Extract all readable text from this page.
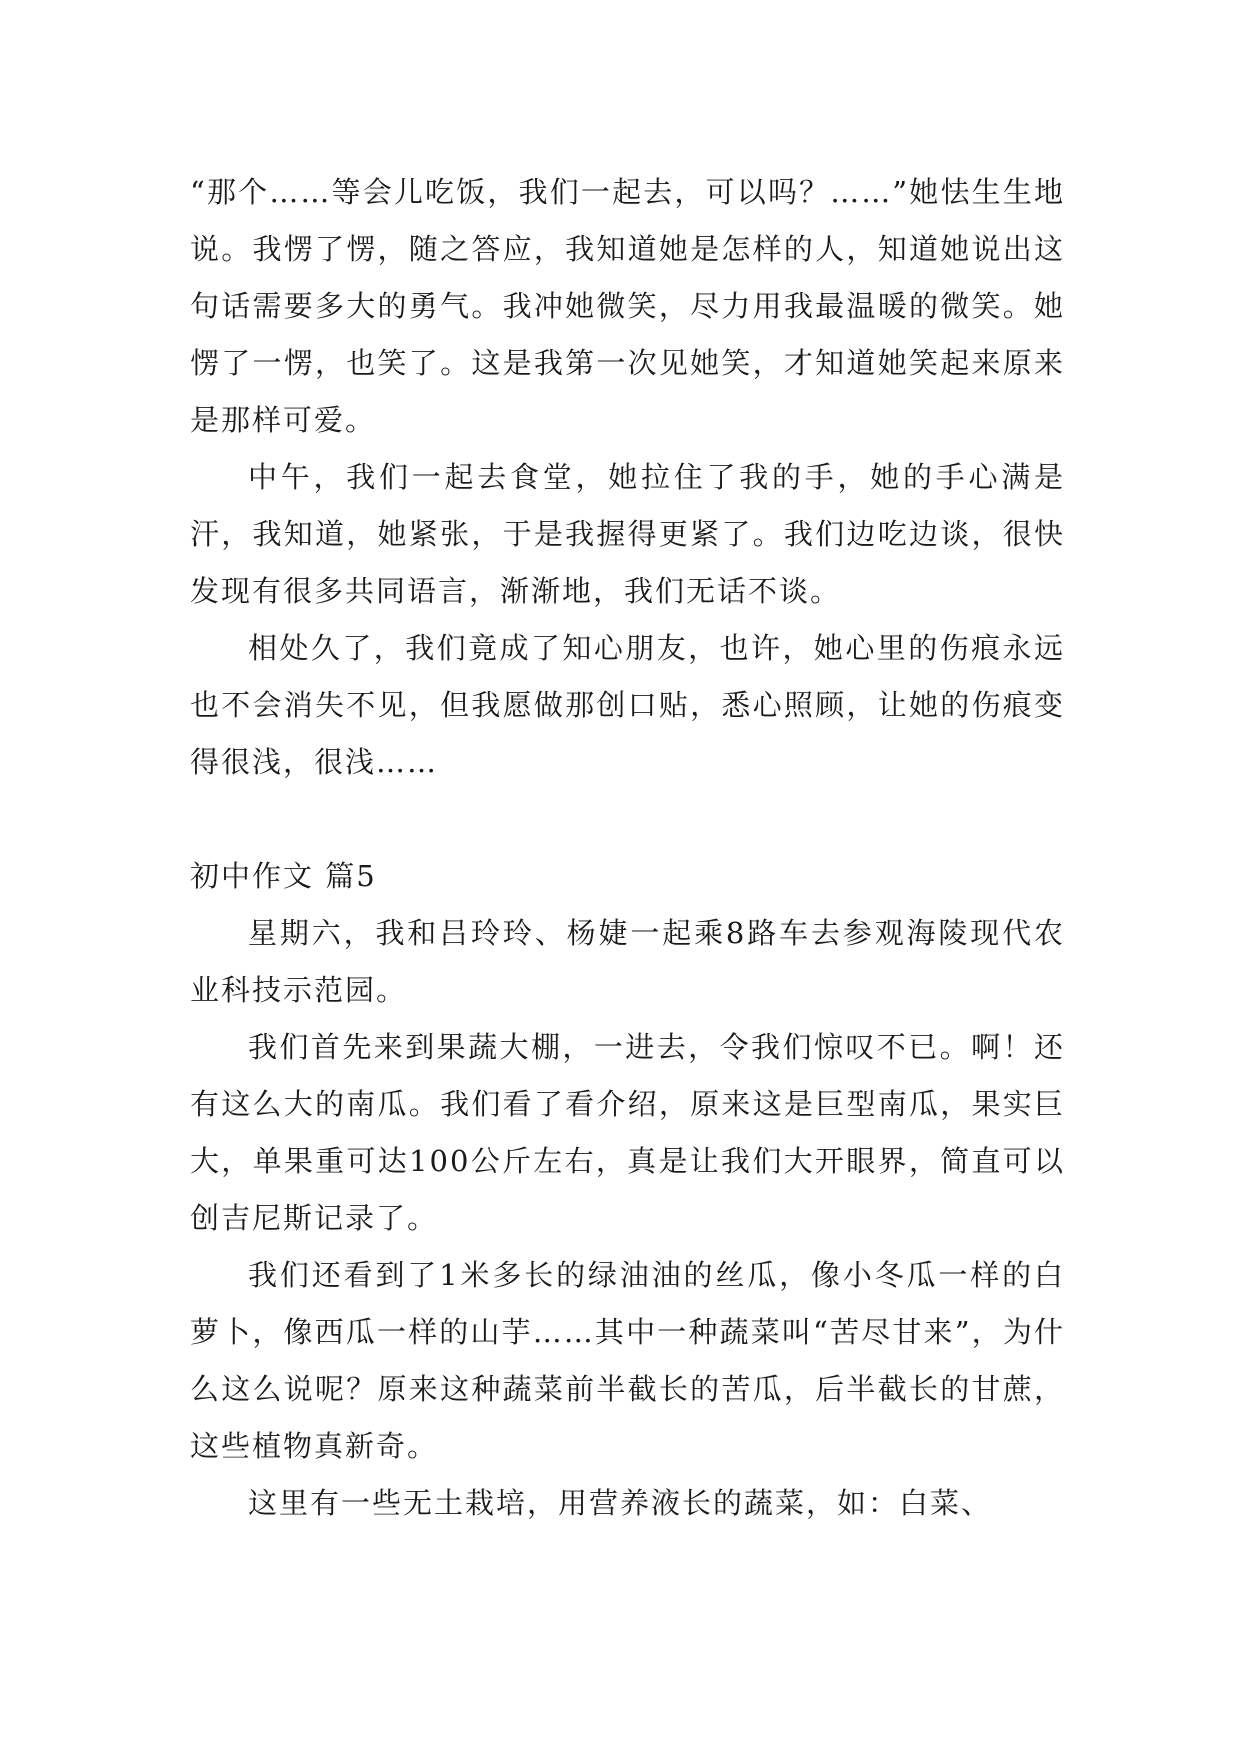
“那个……等会儿吃饭，我们一起去，可以吗？……”她怯生生地说。我愣了愣，随之答应，我知道她是怎样的人，知道她说出这句话需要多大的勇气。我冲她微笑，尽力用我最温暖的微笑。她愣了一愣，也笑了。这是我第一次见她笑，才知道她笑起来原来是那样可爱。

中午，我们一起去食堂，她拉住了我的手，她的手心满是汗，我知道，她紧张，于是我握得更紧了。我们边吃边谈，很快发现有很多共同语言，渐渐地，我们无话不谈。

相处久了，我们竟成了知心朋友，也许，她心里的伤痕永远也不会消失不见，但我愿做那创口贴，悉心照顾，让她的伤痕变得很浅，很浅……

初中作文 篇5

星期六，我和吕玲玲、杨婕一起乘8路车去参观海陵现代农业科技示范园。

我们首先来到果蔬大棚，一进去，令我们惊叹不已。啊！还有这么大的南瓜。我们看了看介绍，原来这是巨型南瓜，果实巨大，单果重可达100公斤左右，真是让我们大开眼界，简直可以创吉尼斯记录了。

我们还看到了1米多长的绿油油的丝瓜，像小冬瓜一样的白萝卜，像西瓜一样的山芋……其中一种蔬菜叫“苦尽甘来”，为什么这么说呢？原来这种蔬菜前半截长的苦瓜，后半截长的甘蔗，这些植物真新奇。

这里有一些无土栽培，用营养液长的蔬菜，如：白菜、
